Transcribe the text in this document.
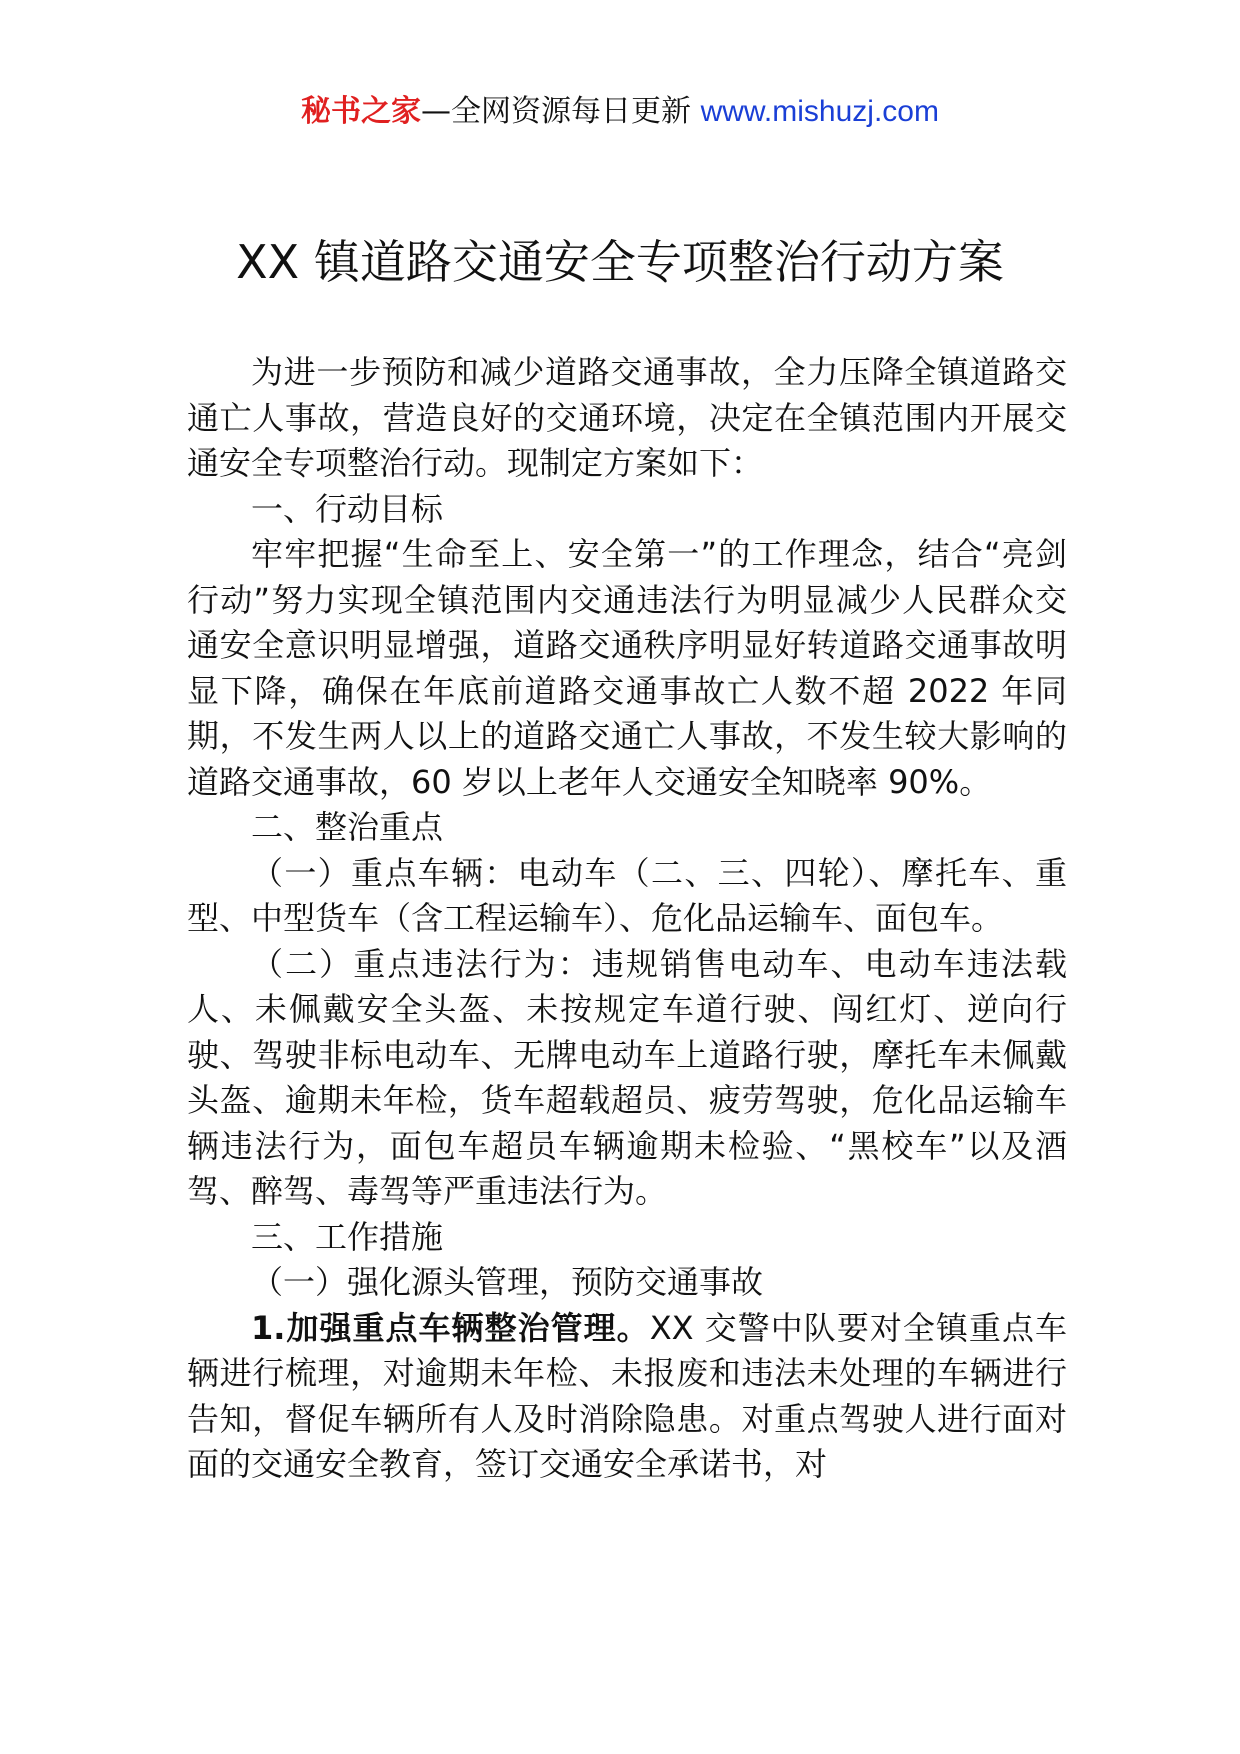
秘书之家—全网资源每日更新 www.mishuzj.com
XX 镇道路交通安全专项整治行动方案

为进一步预防和减少道路交通事故，全力压降全镇道路交通亡人事故，营造良好的交通环境，决定在全镇范围内开展交通安全专项整治行动。现制定方案如下：

一、行动目标

牢牢把握“生命至上、安全第一”的工作理念，结合“亮剑行动”努力实现全镇范围内交通违法行为明显减少人民群众交通安全意识明显增强，道路交通秩序明显好转道路交通事故明显下降，确保在年底前道路交通事故亡人数不超 2022 年同期，不发生两人以上的道路交通亡人事故，不发生较大影响的道路交通事故，60 岁以上老年人交通安全知晓率 90%。

二、整治重点

（一）重点车辆：电动车（二、三、四轮）、摩托车、重型、中型货车（含工程运输车）、危化品运输车、面包车。

（二）重点违法行为：违规销售电动车、电动车违法载人、未佩戴安全头盔、未按规定车道行驶、闯红灯、逆向行驶、驾驶非标电动车、无牌电动车上道路行驶，摩托车未佩戴头盔、逾期未年检，货车超载超员、疲劳驾驶，危化品运输车辆违法行为，面包车超员车辆逾期未检验、“黑校车”以及酒驾、醉驾、毒驾等严重违法行为。

三、工作措施

（一）强化源头管理，预防交通事故

1.加强重点车辆整治管理。XX 交警中队要对全镇重点车辆进行梳理，对逾期未年检、未报废和违法未处理的车辆进行告知，督促车辆所有人及时消除隐患。对重点驾驶人进行面对面的交通安全教育，签订交通安全承诺书，对
